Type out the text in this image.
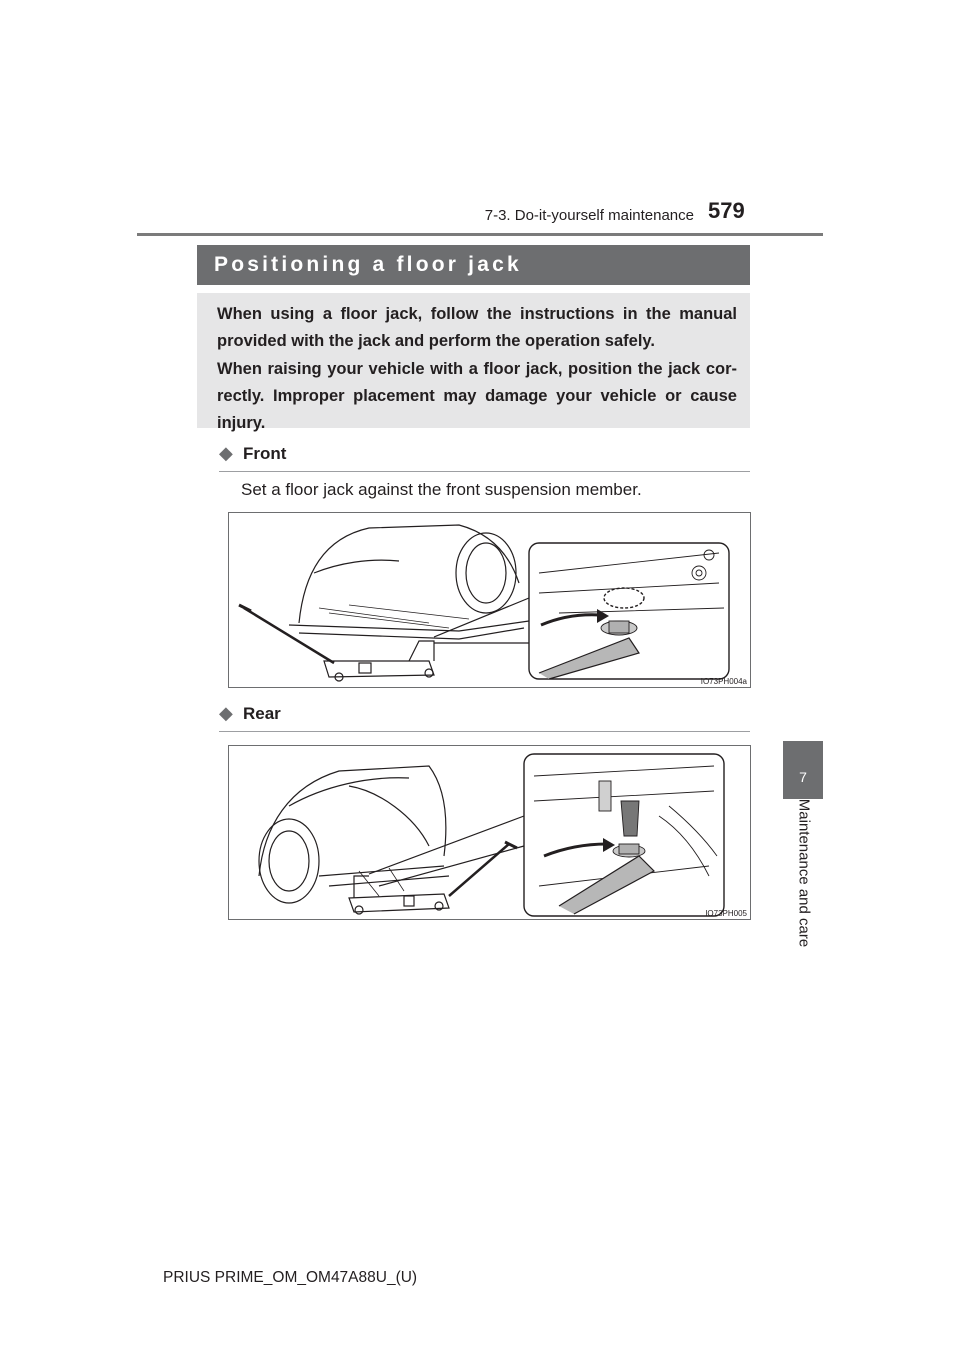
7-3. Do-it-yourself maintenance 579
7
Maintenance and care
Positioning a floor jack

When using a floor jack, follow the instructions in the manual provided with the jack and perform the operation safely.

When raising your vehicle with a floor jack, position the jack cor-rectly. Improper placement may damage your vehicle or cause injury.

◆ Front
Set a floor jack against the front suspension member.
IO73PH004a
◆ Rear
IO73PH005
PRIUS PRIME_OM_OM47A88U_(U)
